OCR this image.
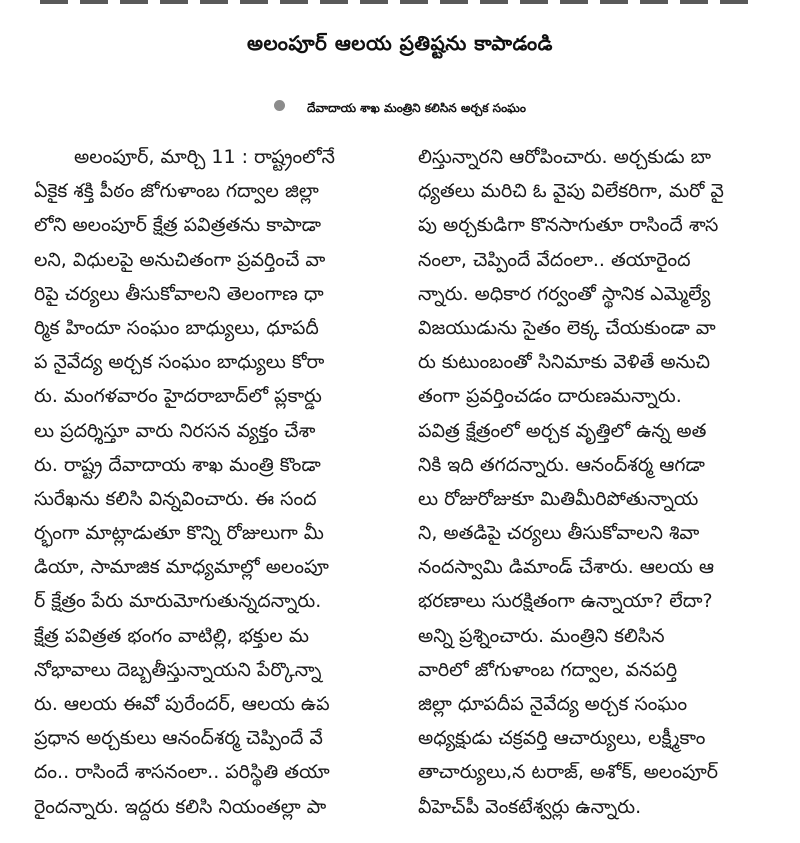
అలంపూర్ ఆలయ ప్రతిష్టను కాపాడండి
దేవాదాయ శాఖ మంత్రిని కలిసిన అర్చక సంఘం
అలంపూర్, మార్చి 11 : రాష్ట్రంలోనే
ఏకైక శక్తి పీఠం జోగుళాంబ గద్వాల జిల్లా
లోని అలంపూర్ క్షేత్ర పవిత్రతను కాపాడా
లని, విధులపై అనుచితంగా ప్రవర్తించే వా
రిపై చర్యలు తీసుకోవాలని తెలంగాణ ధా
ర్మిక హిందూ సంఘం బాధ్యులు, ధూపదీ
ప నైవేద్య అర్చక సంఘం బాధ్యులు కోరా
రు. మంగళవారం హైదరాబాద్‌లో ప్లకార్డు
లు ప్రదర్శిస్తూ వారు నిరసన వ్యక్తం చేశా
రు. రాష్ట్ర దేవాదాయ శాఖ మంత్రి కొండా
సురేఖను కలిసి విన్నవించారు. ఈ సంద
ర్భంగా మాట్లాడుతూ కొన్ని రోజులుగా మీ
డియా, సామాజిక మాధ్యమాల్లో అలంపూ
ర్ క్షేత్రం పేరు మారుమోగుతున్నదన్నారు.
క్షేత్ర పవిత్రత భంగం వాటిల్లి, భక్తుల మ
నోభావాలు దెబ్బతీస్తున్నాయని పేర్కొన్నా
రు. ఆలయ ఈవో పురేందర్, ఆలయ ఉప
ప్రధాన అర్చకులు ఆనంద్‌శర్మ చెప్పిందే వే
దం.. రాసిందే శాసనంలా.. పరిస్థితి తయా
రైందన్నారు. ఇద్దరు కలిసి నియంతల్లా పా
లిస్తున్నారని ఆరోపించారు. అర్చకుడు బా
ధ్యతలు మరిచి ఓ వైపు విలేకరిగా, మరో వై
పు అర్చకుడిగా కొనసాగుతూ రాసిందే శాస
నంలా, చెప్పిందే వేదంలా.. తయారైంద
న్నారు. అధికార గర్వంతో స్థానిక ఎమ్మెల్యే
విజయుడును సైతం లెక్క చేయకుండా వా
రు కుటుంబంతో సినిమాకు వెళితే అనుచి
తంగా ప్రవర్తించడం దారుణమన్నారు.
పవిత్ర క్షేత్రంలో అర్చక వృత్తిలో ఉన్న అత
నికి ఇది తగదన్నారు. ఆనంద్‌శర్మ ఆగడా
లు రోజురోజుకూ మితిమీరిపోతున్నాయ
ని, అతడిపై చర్యలు తీసుకోవాలని శివా
నందస్వామి డిమాండ్ చేశారు. ఆలయ ఆ
భరణాలు సురక్షితంగా ఉన్నాయా? లేదా?
అన్ని ప్రశ్నించారు. మంత్రిని కలిసిన
వారిలో జోగుళాంబ గద్వాల, వనపర్తి
జిల్లా ధూపదీప నైవేద్య అర్చక సంఘం
అధ్యక్షుడు చక్రవర్తి ఆచార్యులు, లక్ష్మీకాం
తాచార్యులు,న టరాజ్, అశోక్, అలంపూర్
వీహెచ్‌పీ వెంకటేశ్వర్లు ఉన్నారు.
